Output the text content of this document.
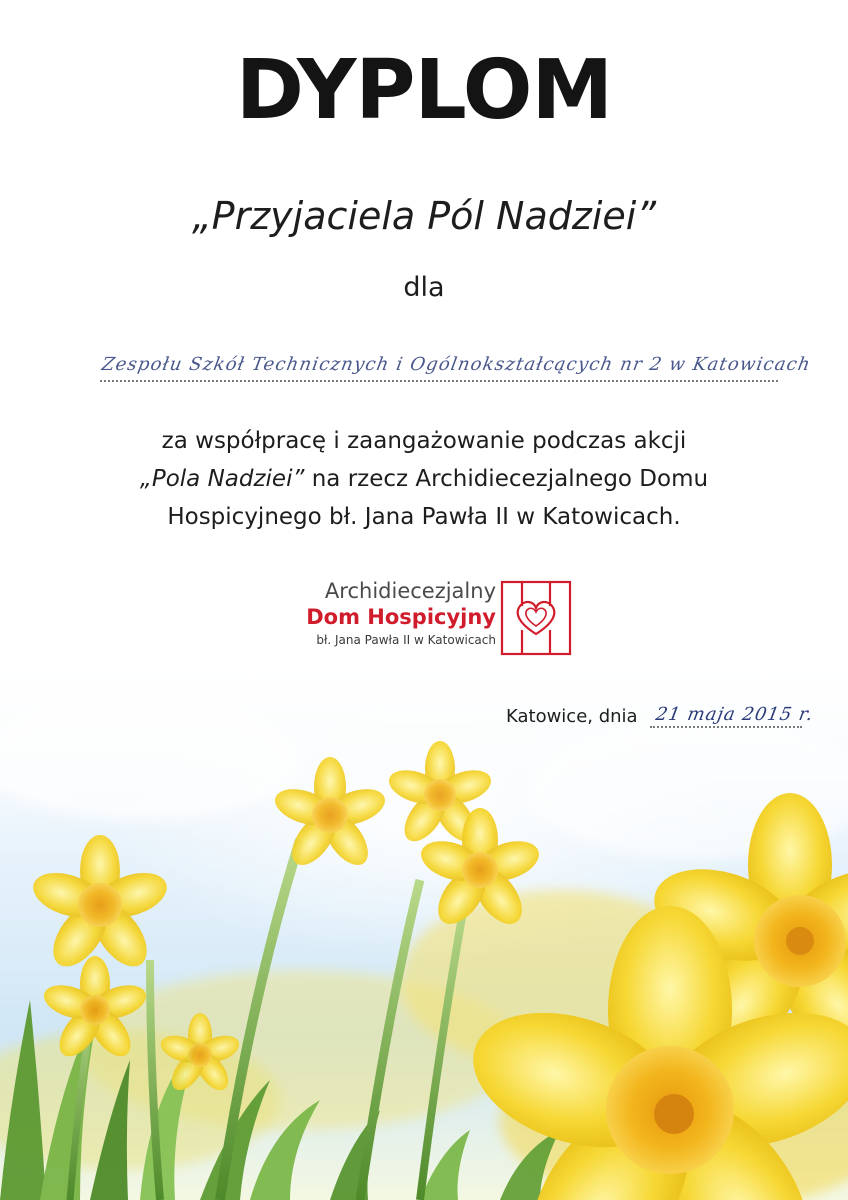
DYPLOM
„Przyjaciela Pól Nadziei”
dla
Zespołu Szkół Technicznych i Ogólnokształcących nr 2 w Katowicach
za współpracę i zaangażowanie podczas akcji
„Pola Nadziei” na rzecz Archidiecezjalnego Domu
Hospicyjnego bł. Jana Pawła II w Katowicach.
Archidiecezjalny
Dom Hospicyjny
bł. Jana Pawła II w Katowicach
Katowice, dnia 21 maja 2015 r.
